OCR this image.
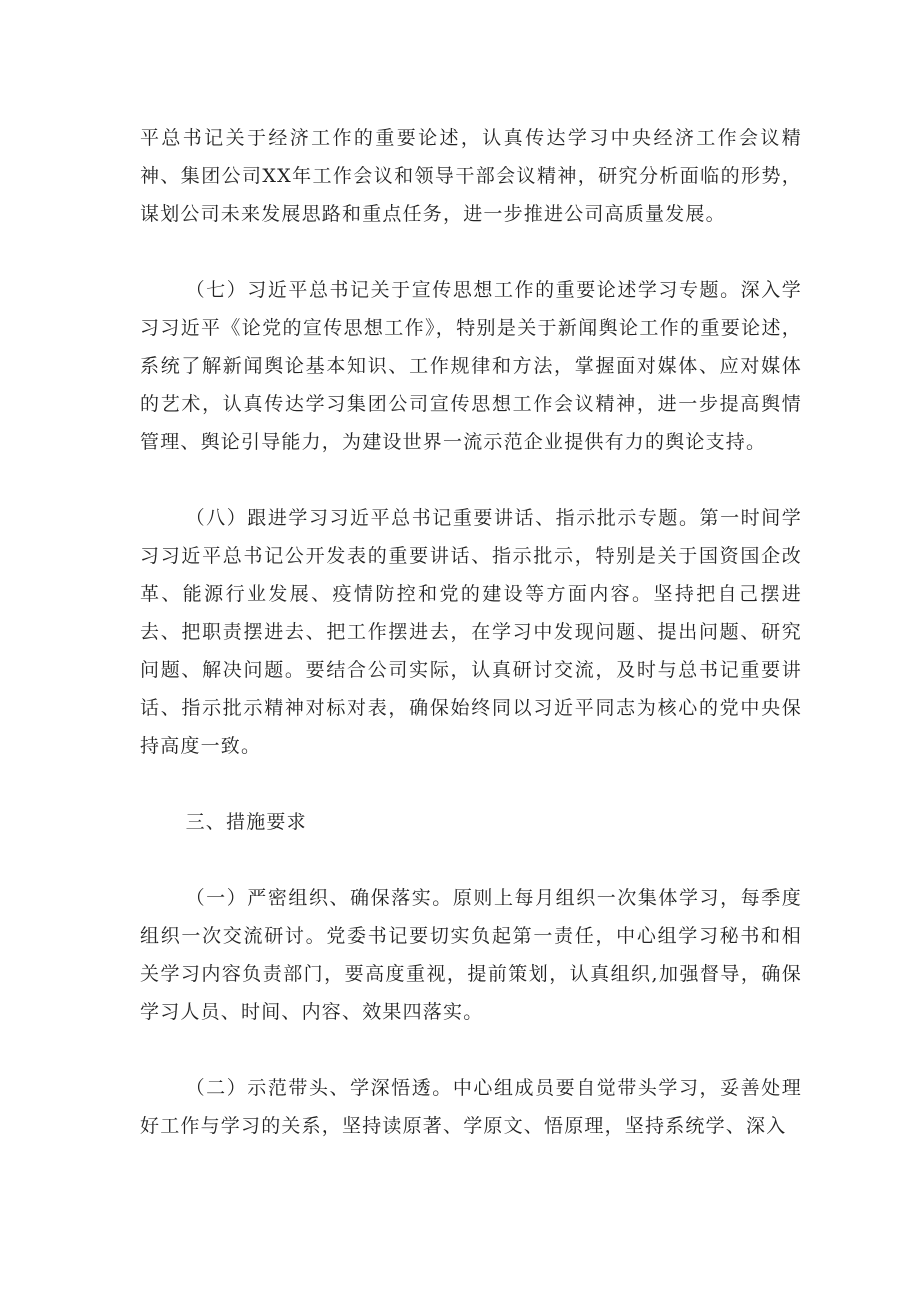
平总书记关于经济工作的重要论述，认真传达学习中央经济工作会议精神、集团公司XX年工作会议和领导干部会议精神，研究分析面临的形势，谋划公司未来发展思路和重点任务，进一步推进公司高质量发展。

（七）习近平总书记关于宣传思想工作的重要论述学习专题。深入学习习近平《论党的宣传思想工作》，特别是关于新闻舆论工作的重要论述，系统了解新闻舆论基本知识、工作规律和方法，掌握面对媒体、应对媒体的艺术，认真传达学习集团公司宣传思想工作会议精神，进一步提高舆情管理、舆论引导能力，为建设世界一流示范企业提供有力的舆论支持。

（八）跟进学习习近平总书记重要讲话、指示批示专题。第一时间学习习近平总书记公开发表的重要讲话、指示批示，特别是关于国资国企改革、能源行业发展、疫情防控和党的建设等方面内容。坚持把自己摆进去、把职责摆进去、把工作摆进去，在学习中发现问题、提出问题、研究问题、解决问题。要结合公司实际，认真研讨交流，及时与总书记重要讲话、指示批示精神对标对表，确保始终同以习近平同志为核心的党中央保持高度一致。

三、措施要求

（一）严密组织、确保落实。原则上每月组织一次集体学习，每季度组织一次交流研讨。党委书记要切实负起第一责任，中心组学习秘书和相关学习内容负责部门，要高度重视，提前策划，认真组织,加强督导，确保学习人员、时间、内容、效果四落实。

（二）示范带头、学深悟透。中心组成员要自觉带头学习，妥善处理好工作与学习的关系，坚持读原著、学原文、悟原理，坚持系统学、深入
